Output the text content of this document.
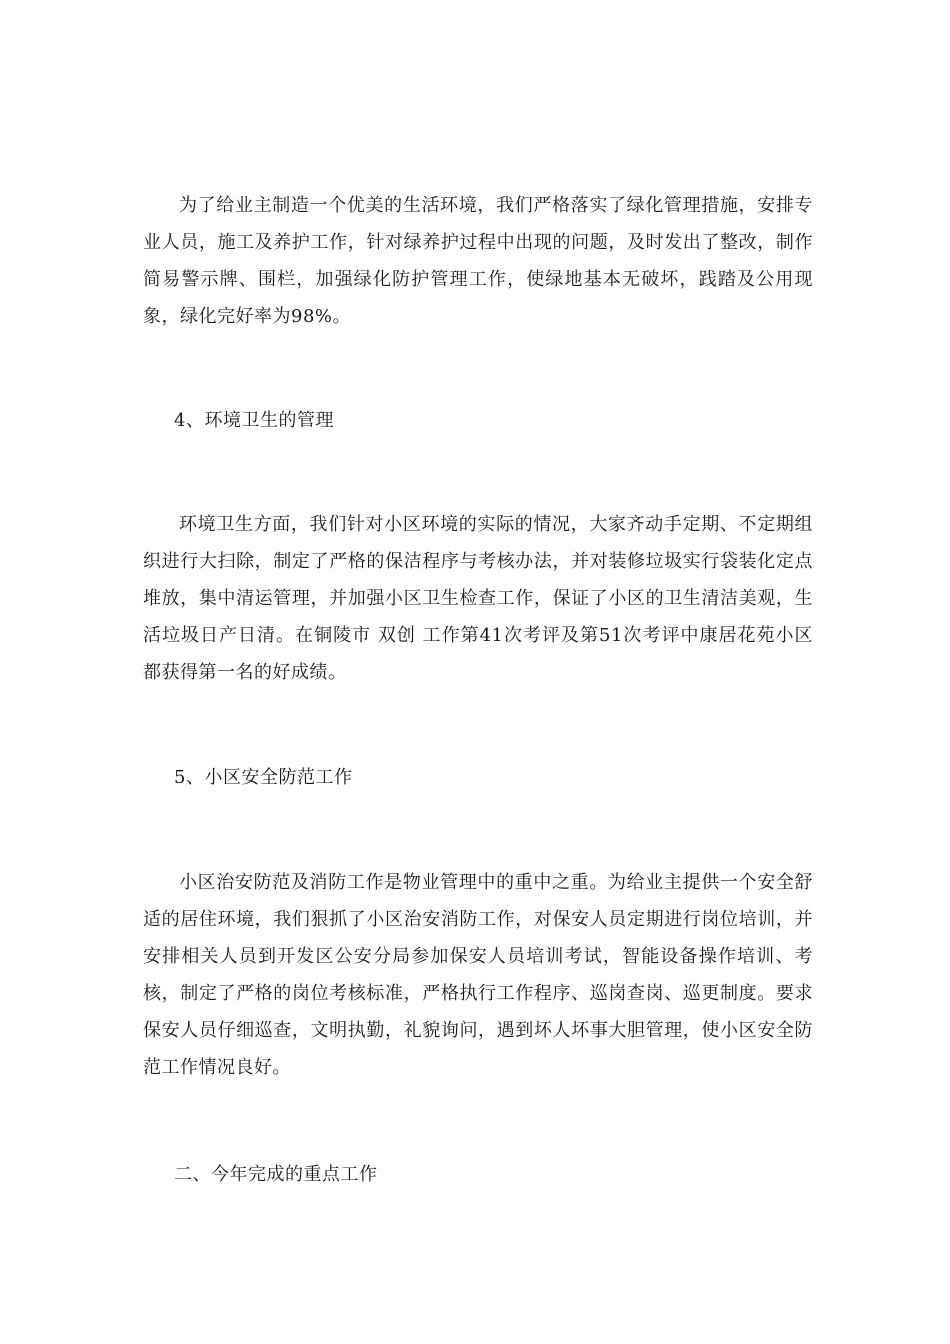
为了给业主制造一个优美的生活环境，我们严格落实了绿化管理措施，安排专业人员，施工及养护工作，针对绿养护过程中出现的问题，及时发出了整改，制作简易警示牌、围栏，加强绿化防护管理工作，使绿地基本无破坏，践踏及公用现象，绿化完好率为98%。

4、环境卫生的管理

环境卫生方面，我们针对小区环境的实际的情况，大家齐动手定期、不定期组织进行大扫除，制定了严格的保洁程序与考核办法，并对装修垃圾实行袋装化定点堆放，集中清运管理，并加强小区卫生检查工作，保证了小区的卫生清洁美观，生活垃圾日产日清。在铜陵市 双创 工作第41次考评及第51次考评中康居花苑小区都获得第一名的好成绩。

5、小区安全防范工作

小区治安防范及消防工作是物业管理中的重中之重。为给业主提供一个安全舒适的居住环境，我们狠抓了小区治安消防工作，对保安人员定期进行岗位培训，并安排相关人员到开发区公安分局参加保安人员培训考试，智能设备操作培训、考核，制定了严格的岗位考核标准，严格执行工作程序、巡岗查岗、巡更制度。要求保安人员仔细巡查，文明执勤，礼貌询问，遇到坏人坏事大胆管理，使小区安全防范工作情况良好。

二、今年完成的重点工作
